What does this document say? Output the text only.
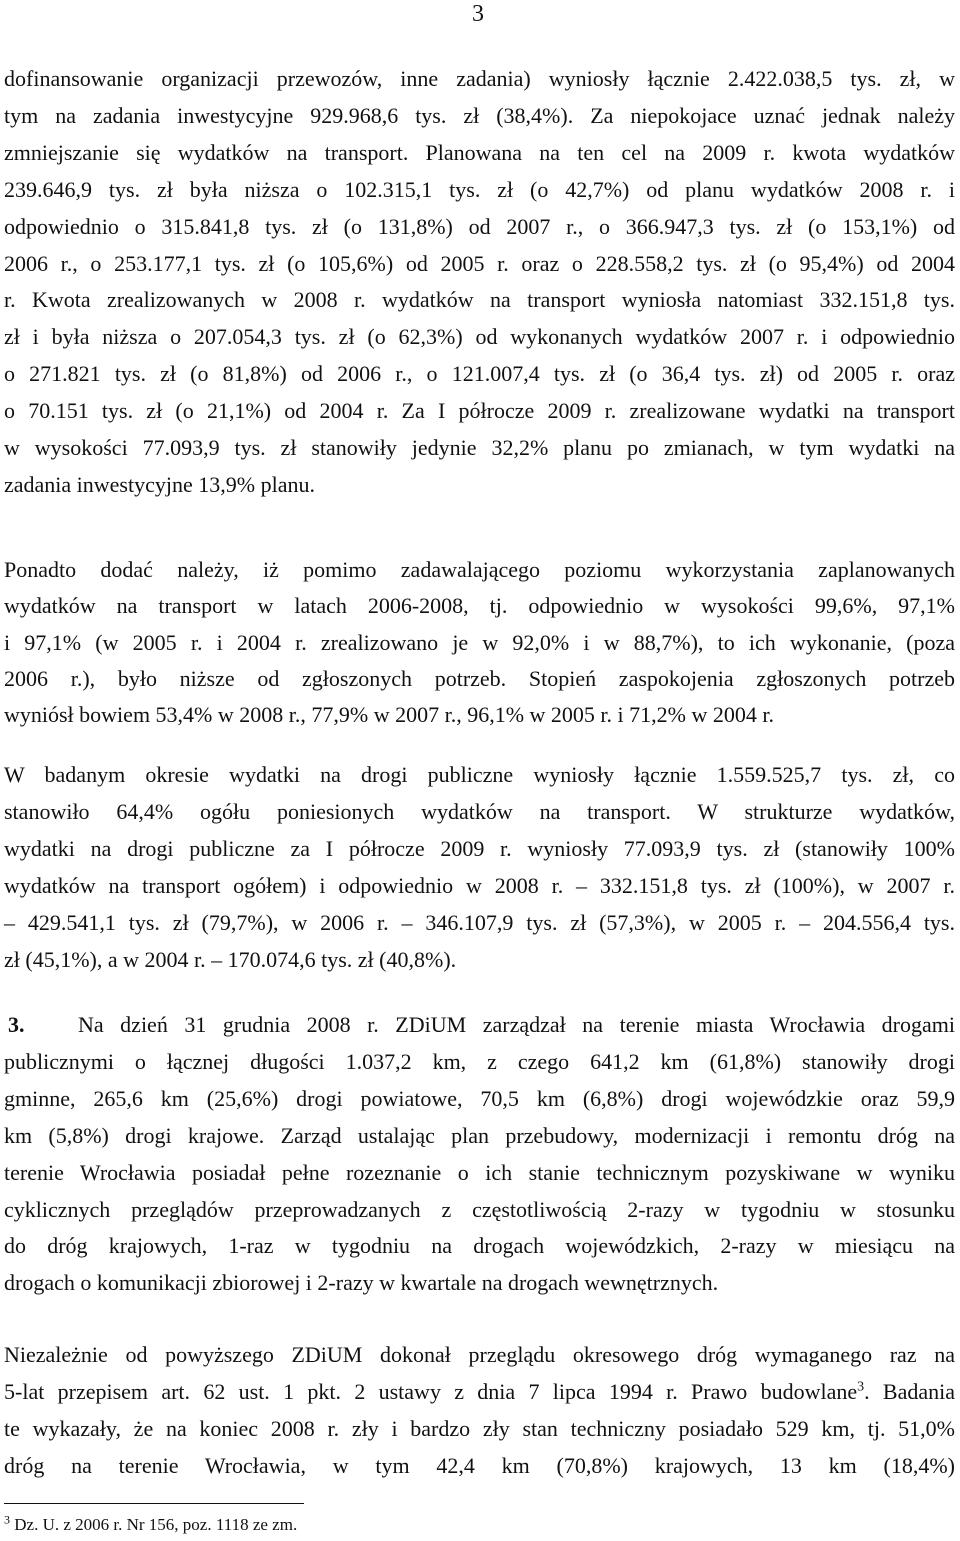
3
dofinansowanie organizacji przewozów, inne zadania) wyniosły łącznie 2.422.038,5 tys. zł, w
tym na zadania inwestycyjne 929.968,6 tys. zł (38,4%). Za niepokojace uznać jednak należy
zmniejszanie się wydatków na transport. Planowana na ten cel na 2009 r. kwota wydatków
239.646,9 tys. zł była niższa o 102.315,1 tys. zł (o 42,7%) od planu wydatków 2008 r. i
odpowiednio o 315.841,8 tys. zł (o 131,8%) od 2007 r., o 366.947,3 tys. zł (o 153,1%) od
2006 r., o 253.177,1 tys. zł (o 105,6%) od 2005 r. oraz o 228.558,2 tys. zł (o 95,4%) od 2004
r. Kwota zrealizowanych w 2008 r. wydatków na transport wyniosła natomiast 332.151,8 tys.
zł i była niższa o 207.054,3 tys. zł (o 62,3%) od wykonanych wydatków 2007 r. i odpowiednio
o 271.821 tys. zł (o 81,8%) od 2006 r., o 121.007,4 tys. zł (o 36,4 tys. zł) od 2005 r. oraz
o 70.151 tys. zł (o 21,1%) od 2004 r. Za I półrocze 2009 r. zrealizowane wydatki na transport
w wysokości 77.093,9 tys. zł stanowiły jedynie 32,2% planu po zmianach, w tym wydatki na
zadania inwestycyjne 13,9% planu.
Ponadto dodać należy, iż pomimo zadawalającego poziomu wykorzystania zaplanowanych
wydatków na transport w latach 2006-2008, tj. odpowiednio w wysokości 99,6%, 97,1%
i 97,1% (w 2005 r. i 2004 r. zrealizowano je w 92,0% i w 88,7%), to ich wykonanie, (poza
2006 r.), było niższe od zgłoszonych potrzeb. Stopień zaspokojenia zgłoszonych potrzeb
wyniósł bowiem 53,4% w 2008 r., 77,9% w 2007 r., 96,1% w 2005 r. i 71,2% w 2004 r.
W badanym okresie wydatki na drogi publiczne wyniosły łącznie 1.559.525,7 tys. zł, co
stanowiło 64,4% ogółu poniesionych wydatków na transport. W strukturze wydatków,
wydatki na drogi publiczne za I półrocze 2009 r. wyniosły 77.093,9 tys. zł (stanowiły 100%
wydatków na transport ogółem) i odpowiednio w 2008 r. – 332.151,8 tys. zł (100%), w 2007 r.
– 429.541,1 tys. zł (79,7%), w 2006 r. – 346.107,9 tys. zł (57,3%), w 2005 r. – 204.556,4 tys.
zł (45,1%), a w 2004 r. – 170.074,6 tys. zł (40,8%).
3. Na dzień 31 grudnia 2008 r. ZDiUM zarządzał na terenie miasta Wrocławia drogami
publicznymi o łącznej długości 1.037,2 km, z czego 641,2 km (61,8%) stanowiły drogi
gminne, 265,6 km (25,6%) drogi powiatowe, 70,5 km (6,8%) drogi wojewódzkie oraz 59,9
km (5,8%) drogi krajowe. Zarząd ustalając plan przebudowy, modernizacji i remontu dróg na
terenie Wrocławia posiadał pełne rozeznanie o ich stanie technicznym pozyskiwane w wyniku
cyklicznych przeglądów przeprowadzanych z częstotliwością 2-razy w tygodniu w stosunku
do dróg krajowych, 1-raz w tygodniu na drogach wojewódzkich, 2-razy w miesiącu na
drogach o komunikacji zbiorowej i 2-razy w kwartale na drogach wewnętrznych.
Niezależnie od powyższego ZDiUM dokonał przeglądu okresowego dróg wymaganego raz na
5-lat przepisem art. 62 ust. 1 pkt. 2 ustawy z dnia 7 lipca 1994 r. Prawo budowlane$^3$. Badania
te wykazały, że na koniec 2008 r. zły i bardzo zły stan techniczny posiadało 529 km, tj. 51,0%
dróg na terenie Wrocławia, w tym 42,4 km (70,8%) krajowych, 13 km (18,4%)
$^3$ Dz. U. z 2006 r. Nr 156, poz. 1118 ze zm.
